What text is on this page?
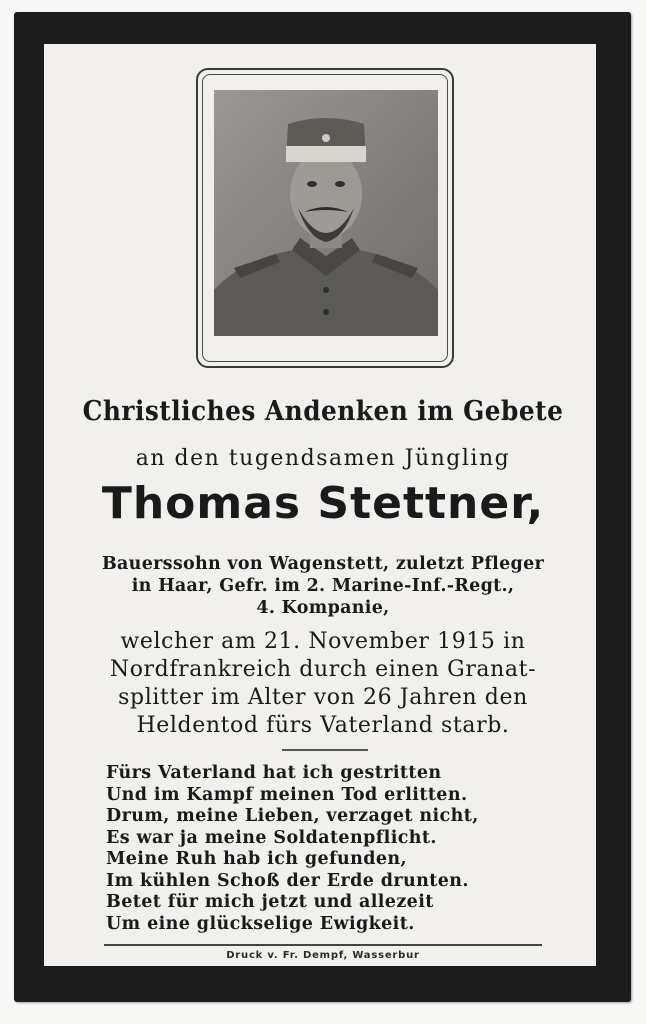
Christliches Andenken im Gebete
an den tugendsamen Jüngling
Thomas Stettner,
Bauerssohn von Wagenstett, zuletzt Pfleger
in Haar, Gefr. im 2. Marine-Inf.-Regt.,
4. Kompanie,
welcher am 21. November 1915 in
Nordfrankreich durch einen Granat-
splitter im Alter von 26 Jahren den
Heldentod fürs Vaterland starb.
Fürs Vaterland hat ich gestritten
Und im Kampf meinen Tod erlitten.
Drum, meine Lieben, verzaget nicht,
Es war ja meine Soldatenpflicht.
Meine Ruh hab ich gefunden,
Im kühlen Schoß der Erde drunten.
Betet für mich jetzt und allezeit
Um eine glückselige Ewigkeit.
Druck v. Fr. Dempf, Wasserbur
